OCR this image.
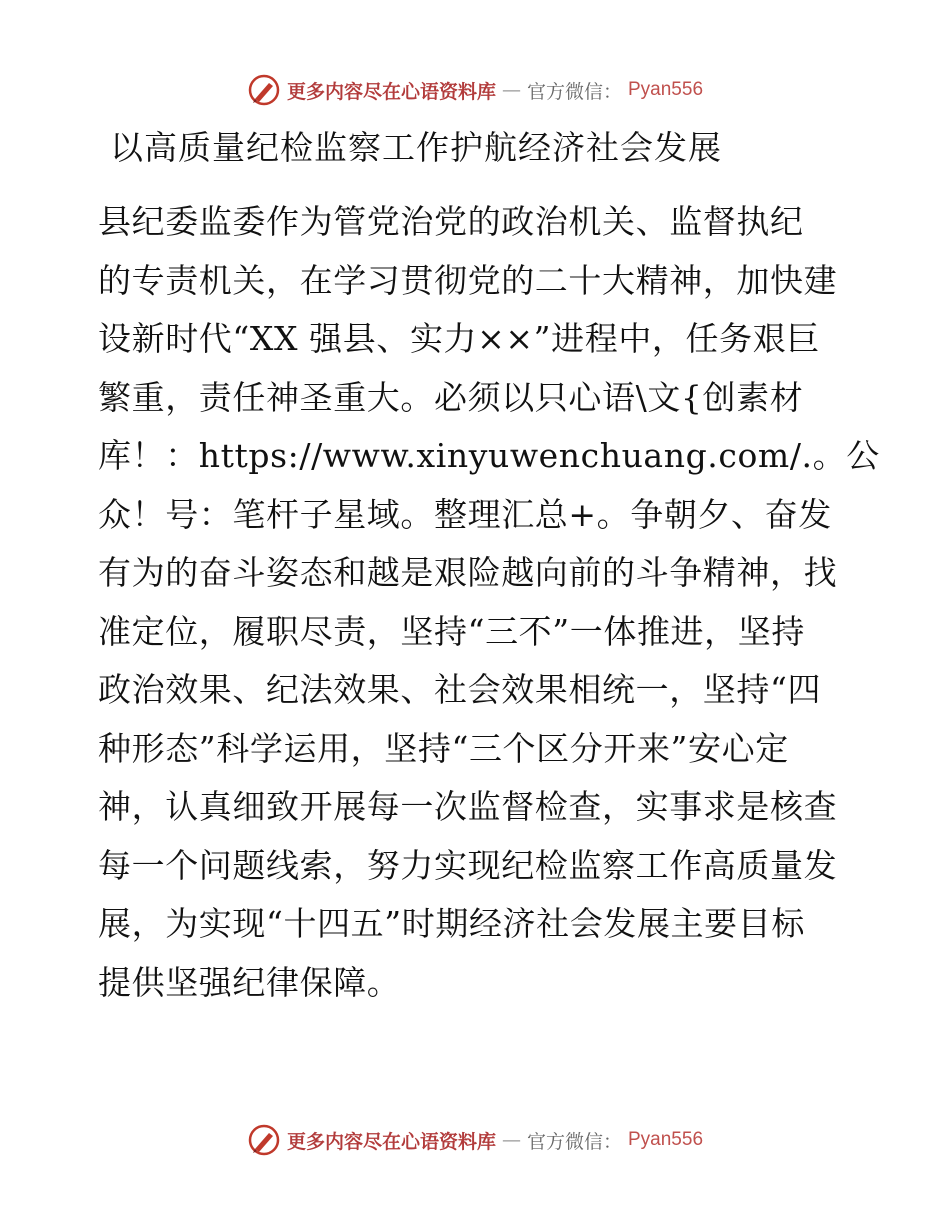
更多内容尽在心语资料库 — 官方微信： Pyan556
以高质量纪检监察工作护航经济社会发展
县纪委监委作为管党治党的政治机关、监督执纪
的专责机关，在学习贯彻党的二十大精神，加快建
设新时代“XX 强县、实力××”进程中，任务艰巨
繁重，责任神圣重大。必须以只心语\文{创素材
库！：https://www.xinyuwenchuang.com/.。公
众！号：笔杆子星域。整理汇总+。争朝夕、奋发
有为的奋斗姿态和越是艰险越向前的斗争精神，找
准定位，履职尽责，坚持“三不”一体推进，坚持
政治效果、纪法效果、社会效果相统一，坚持“四
种形态”科学运用，坚持“三个区分开来”安心定
神，认真细致开展每一次监督检查，实事求是核查
每一个问题线索，努力实现纪检监察工作高质量发
展，为实现“十四五”时期经济社会发展主要目标
提供坚强纪律保障。
更多内容尽在心语资料库 — 官方微信： Pyan556
